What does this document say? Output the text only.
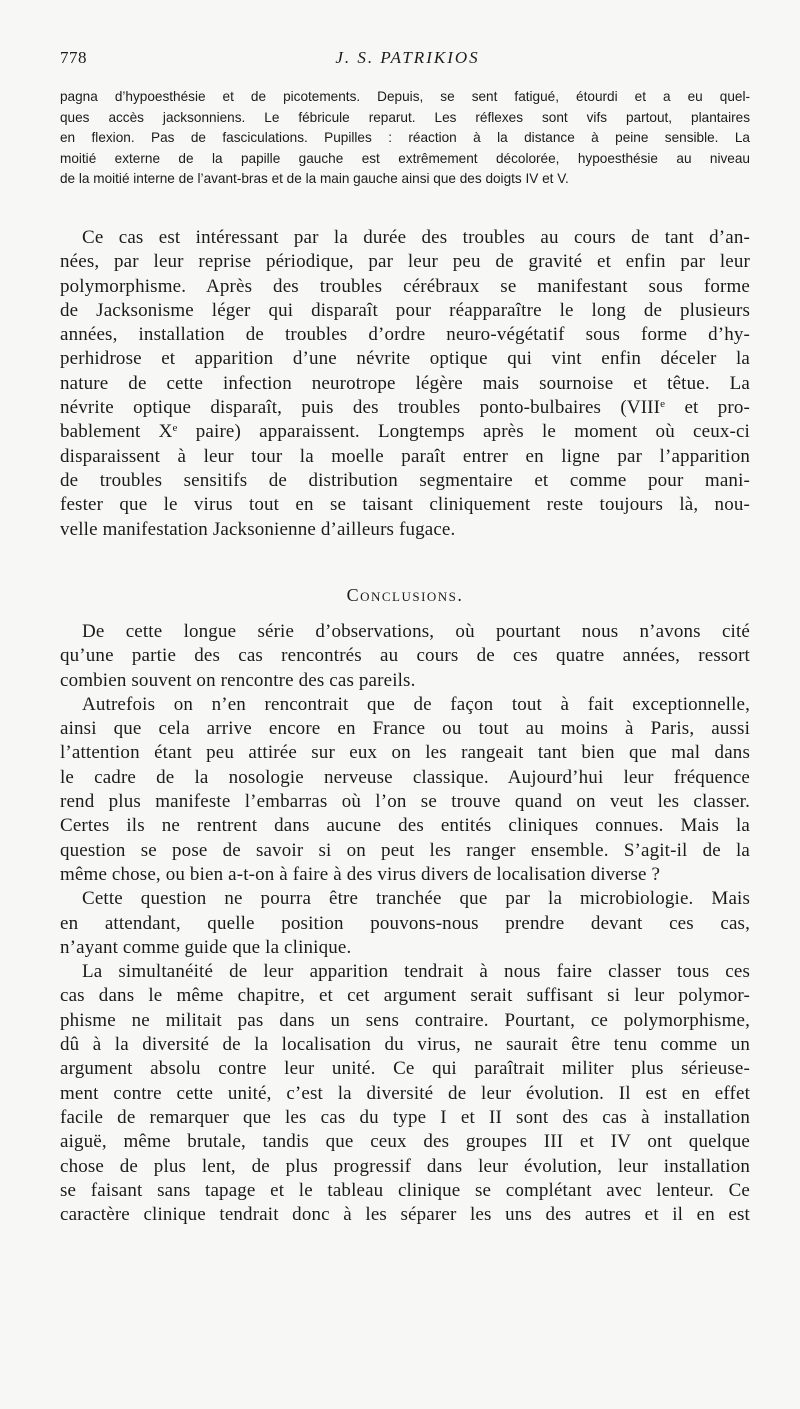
778	J. S. PATRIKIOS
pagna d’hypoesthésie et de picotements. Depuis, se sent fatigué, étourdi et a eu quel-
ques accès jacksonniens. Le fébricule reparut. Les réflexes sont vifs partout, plantaires
en flexion. Pas de fasciculations. Pupilles : réaction à la distance à peine sensible. La
moitié externe de la papille gauche est extrêmement décolorée, hypoesthésie au niveau
de la moitié interne de l’avant-bras et de la main gauche ainsi que des doigts IV et V.
Ce cas est intéressant par la durée des troubles au cours de tant d’an-
nées, par leur reprise périodique, par leur peu de gravité et enfin par leur
polymorphisme. Après des troubles cérébraux se manifestant sous forme
de Jacksonisme léger qui disparaît pour réapparaître le long de plusieurs
années, installation de troubles d’ordre neuro-végétatif sous forme d’hy-
perhidrose et apparition d’une névrite optique qui vint enfin déceler la
nature de cette infection neurotrope légère mais sournoise et têtue. La
névrite optique disparaît, puis des troubles ponto-bulbaires (VIIIe et pro-
bablement Xe paire) apparaissent. Longtemps après le moment où ceux-ci
disparaissent à leur tour la moelle paraît entrer en ligne par l’apparition
de troubles sensitifs de distribution segmentaire et comme pour mani-
fester que le virus tout en se taisant cliniquement reste toujours là, nou-
velle manifestation Jacksonienne d’ailleurs fugace.
Conclusions.
De cette longue série d’observations, où pourtant nous n’avons cité
qu’une partie des cas rencontrés au cours de ces quatre années, ressort
combien souvent on rencontre des cas pareils.
Autrefois on n’en rencontrait que de façon tout à fait exceptionnelle,
ainsi que cela arrive encore en France ou tout au moins à Paris, aussi
l’attention étant peu attirée sur eux on les rangeait tant bien que mal dans
le cadre de la nosologie nerveuse classique. Aujourd’hui leur fréquence
rend plus manifeste l’embarras où l’on se trouve quand on veut les classer.
Certes ils ne rentrent dans aucune des entités cliniques connues. Mais la
question se pose de savoir si on peut les ranger ensemble. S’agit-il de la
même chose, ou bien a-t-on à faire à des virus divers de localisation diverse ?
Cette question ne pourra être tranchée que par la microbiologie. Mais
en attendant, quelle position pouvons-nous prendre devant ces cas,
n’ayant comme guide que la clinique.
La simultanéité de leur apparition tendrait à nous faire classer tous ces
cas dans le même chapitre, et cet argument serait suffisant si leur polymor-
phisme ne militait pas dans un sens contraire. Pourtant, ce polymorphisme,
dû à la diversité de la localisation du virus, ne saurait être tenu comme un
argument absolu contre leur unité. Ce qui paraîtrait militer plus sérieuse-
ment contre cette unité, c’est la diversité de leur évolution. Il est en effet
facile de remarquer que les cas du type I et II sont des cas à installation
aiguë, même brutale, tandis que ceux des groupes III et IV ont quelque
chose de plus lent, de plus progressif dans leur évolution, leur installation
se faisant sans tapage et le tableau clinique se complétant avec lenteur. Ce
caractère clinique tendrait donc à les séparer les uns des autres et il en est
